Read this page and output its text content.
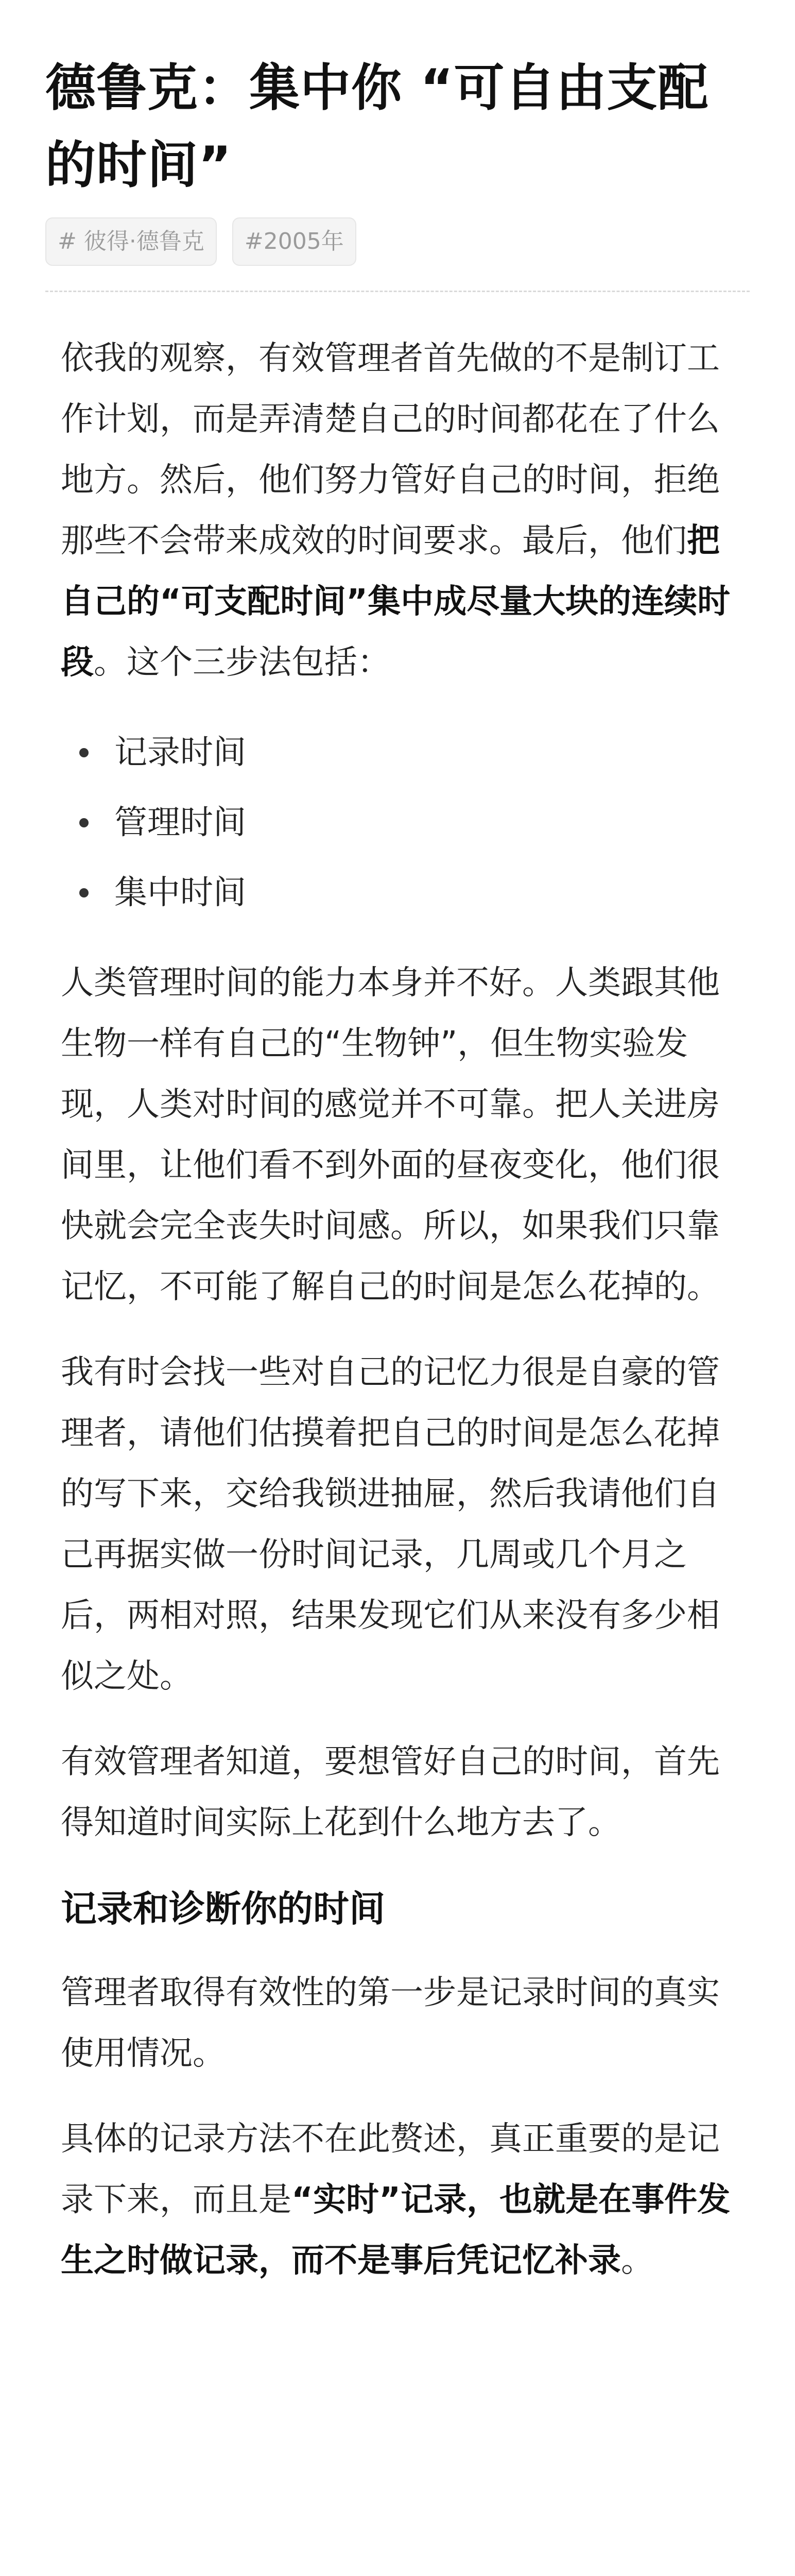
德鲁克：集中你 “可自由支配的时间”
# 彼得·德鲁克	#2005年

依我的观察，有效管理者首先做的不是制订工作计划，而是弄清楚自己的时间都花在了什么地方。然后，他们努力管好自己的时间，拒绝那些不会带来成效的时间要求。最后，他们把自己的“可支配时间”集中成尽量大块的连续时段。这个三步法包括：

记录时间
管理时间
集中时间

人类管理时间的能力本身并不好。人类跟其他生物一样有自己的“生物钟”，但生物实验发现，人类对时间的感觉并不可靠。把人关进房间里，让他们看不到外面的昼夜变化，他们很快就会完全丧失时间感。所以，如果我们只靠记忆，不可能了解自己的时间是怎么花掉的。

我有时会找一些对自己的记忆力很是自豪的管理者，请他们估摸着把自己的时间是怎么花掉的写下来，交给我锁进抽屉，然后我请他们自己再据实做一份时间记录，几周或几个月之后，两相对照，结果发现它们从来没有多少相似之处。

有效管理者知道，要想管好自己的时间，首先得知道时间实际上花到什么地方去了。

记录和诊断你的时间

管理者取得有效性的第一步是记录时间的真实使用情况。

具体的记录方法不在此赘述，真正重要的是记录下来，而且是“实时”记录，也就是在事件发生之时做记录，而不是事后凭记忆补录。
